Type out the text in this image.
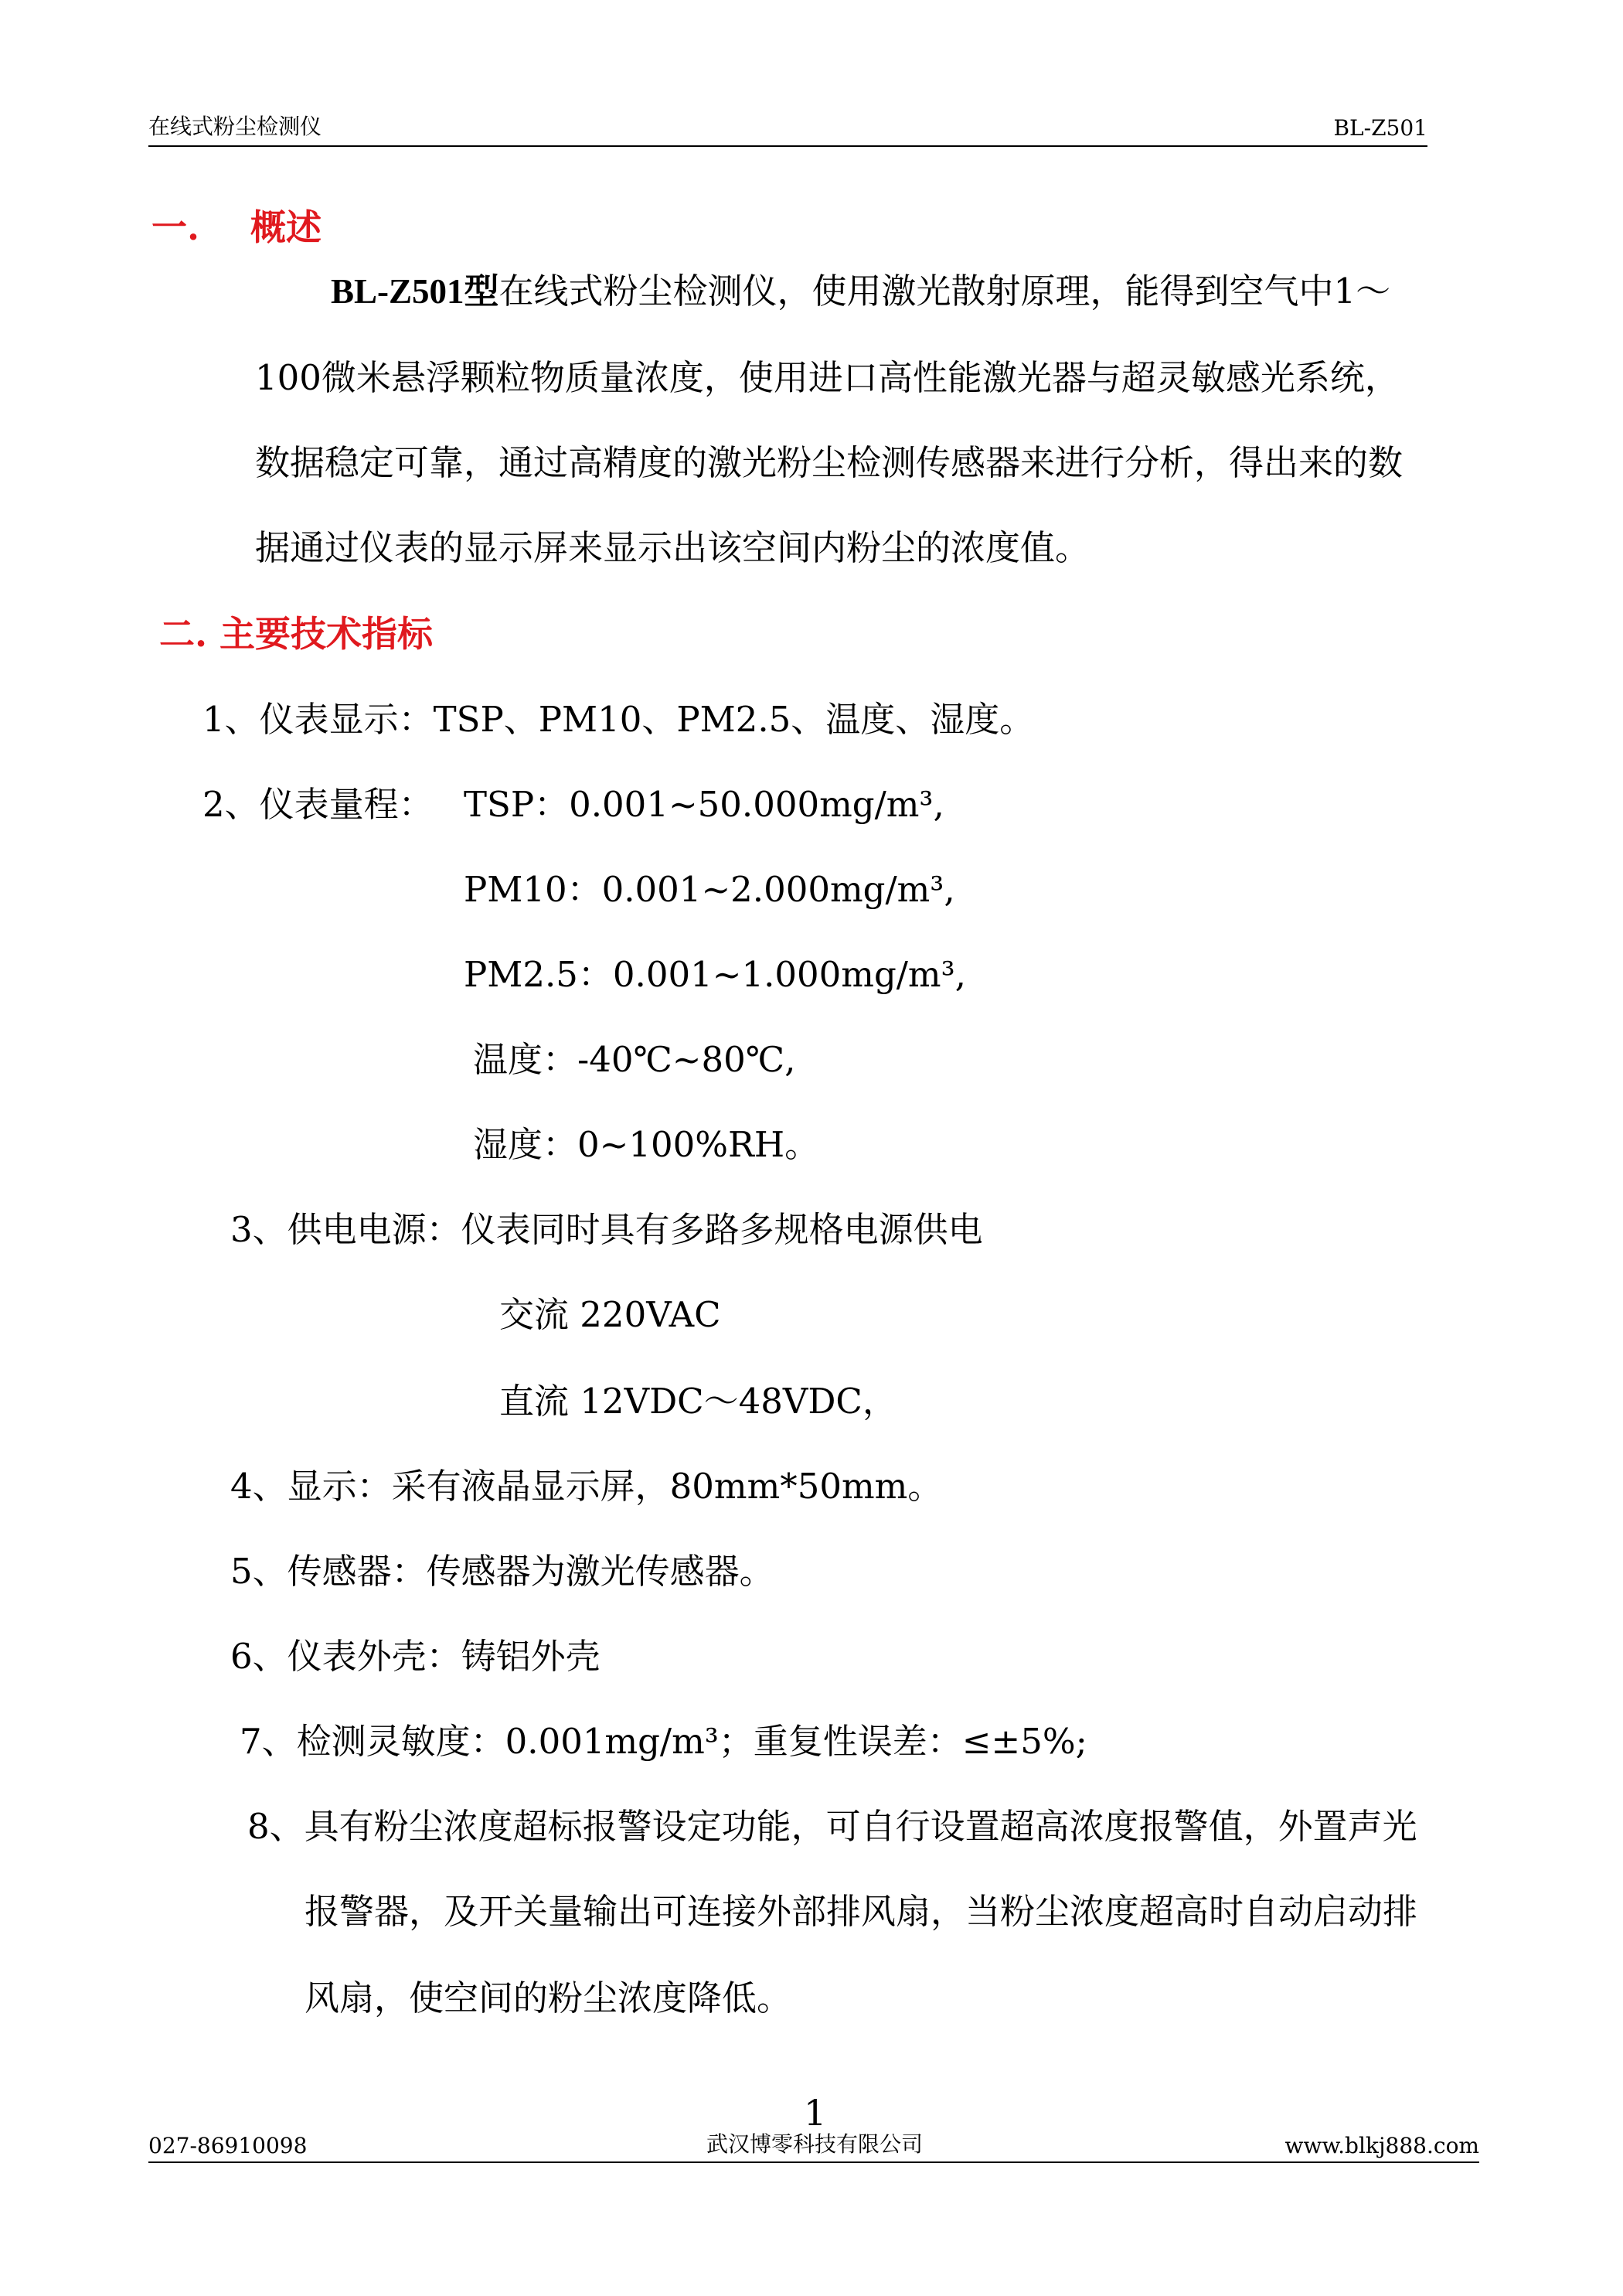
在线式粉尘检测仪	BL-Z501
一. 概述
BL-Z501型在线式粉尘检测仪，使用激光散射原理，能得到空气中1～
100微米悬浮颗粒物质量浓度，使用进口高性能激光器与超灵敏感光系统，
数据稳定可靠，通过高精度的激光粉尘检测传感器来进行分析，得出来的数
据通过仪表的显示屏来显示出该空间内粉尘的浓度值。
二. 主要技术指标
1、仪表显示：TSP、PM10、PM2.5、温度、湿度。
2、仪表量程： TSP：0.001~50.000mg/m³,
PM10：0.001~2.000mg/m³,
PM2.5：0.001~1.000mg/m³,
温度：-40℃~80℃,
湿度：0~100%RH。
3、供电电源：仪表同时具有多路多规格电源供电
交流 220VAC
直流 12VDC～48VDC，
4、显示：采有液晶显示屏，80mm*50mm。
5、传感器：传感器为激光传感器。
6、仪表外壳：铸铝外壳
7、检测灵敏度：0.001mg/m³；重复性误差：≤±5%;
8、具有粉尘浓度超标报警设定功能，可自行设置超高浓度报警值，外置声光
报警器，及开关量输出可连接外部排风扇，当粉尘浓度超高时自动启动排
风扇，使空间的粉尘浓度降低。
1
027-86910098	武汉博零科技有限公司	www.blkj888.com
